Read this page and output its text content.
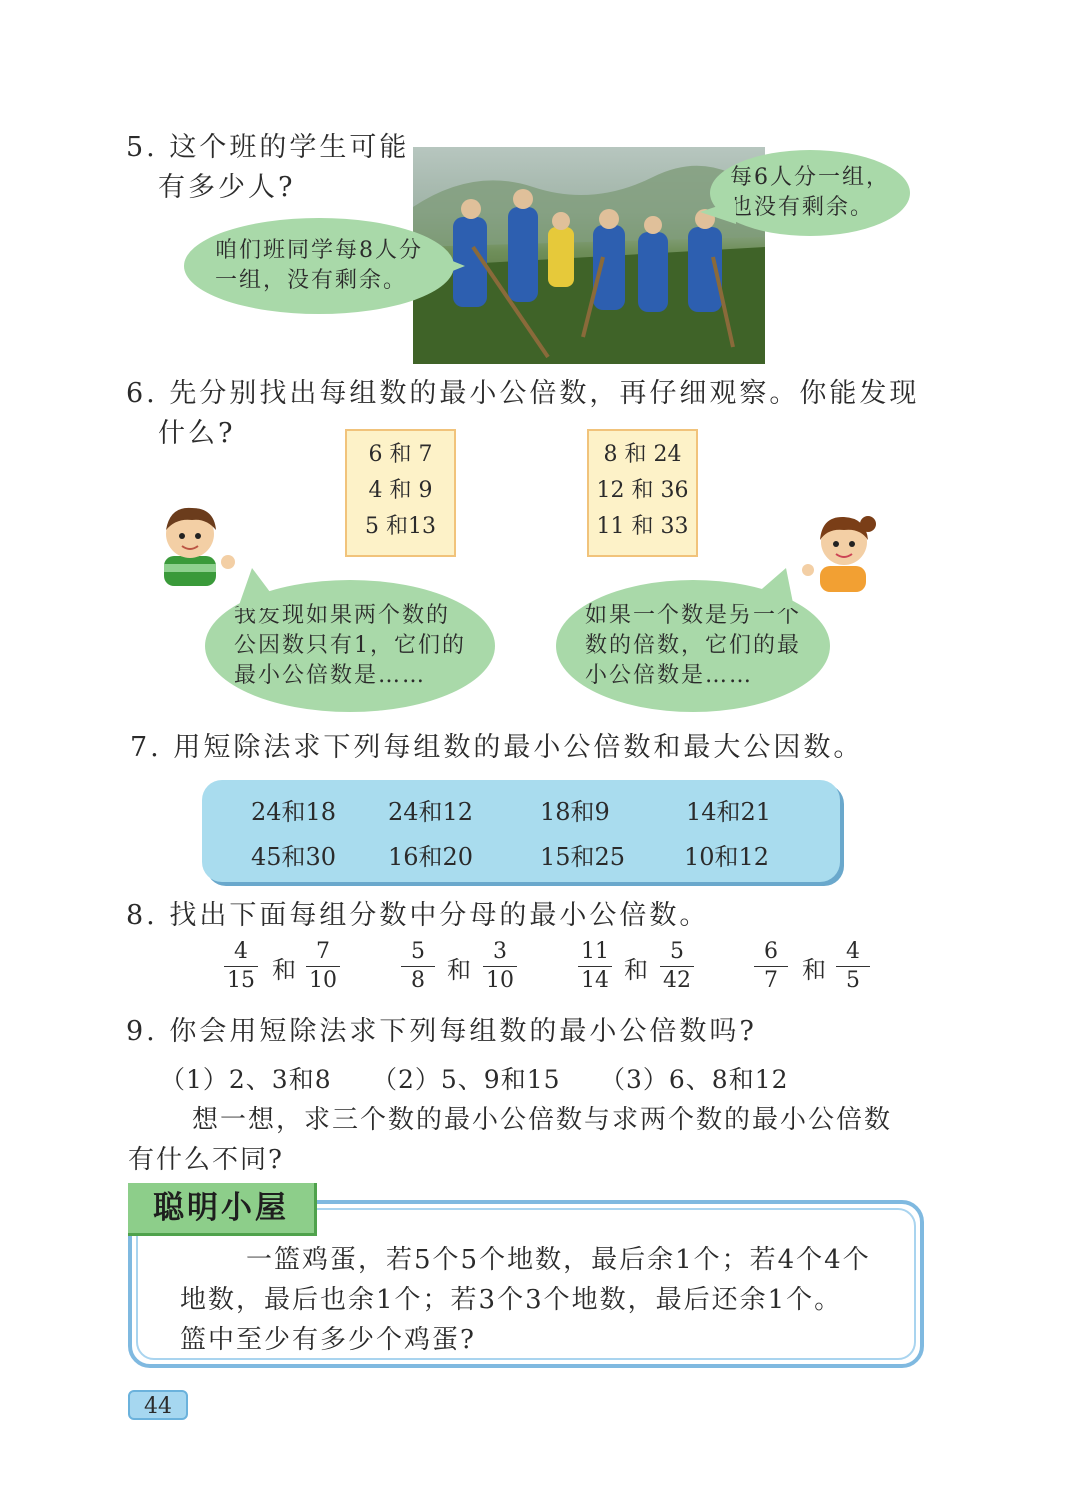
5. 这个班的学生可能
有多少人?
咱们班同学每8人分
一组，没有剩余。
每6人分一组，
也没有剩余。
6. 先分别找出每组数的最小公倍数，再仔细观察。你能发现
什么?
6 和 7
4 和 9
5 和13
8 和 24
12 和 36
11 和 33
我发现如果两个数的
公因数只有1，它们的
最小公倍数是……
如果一个数是另一个
数的倍数，它们的最
小公倍数是……
7. 用短除法求下列每组数的最小公倍数和最大公因数。
24和18 24和12	18和9	14和21
45和30 16和20	15和25 10和12
8. 找出下面每组分数中分母的最小公倍数。
4
15 和
7
10
5
8 和
3
10
11
14 和
5
42
6
7	和
4
5
9. 你会用短除法求下列每组数的最小公倍数吗?
（1）2、3和8 （2）5、9和15 （3）6、8和12
想一想，求三个数的最小公倍数与求两个数的最小公倍数
有什么不同?
聪明小屋
一篮鸡蛋，若5个5个地数，最后余1个；若4个4个
地数，最后也余1个；若3个3个地数，最后还余1个。
篮中至少有多少个鸡蛋?
44
